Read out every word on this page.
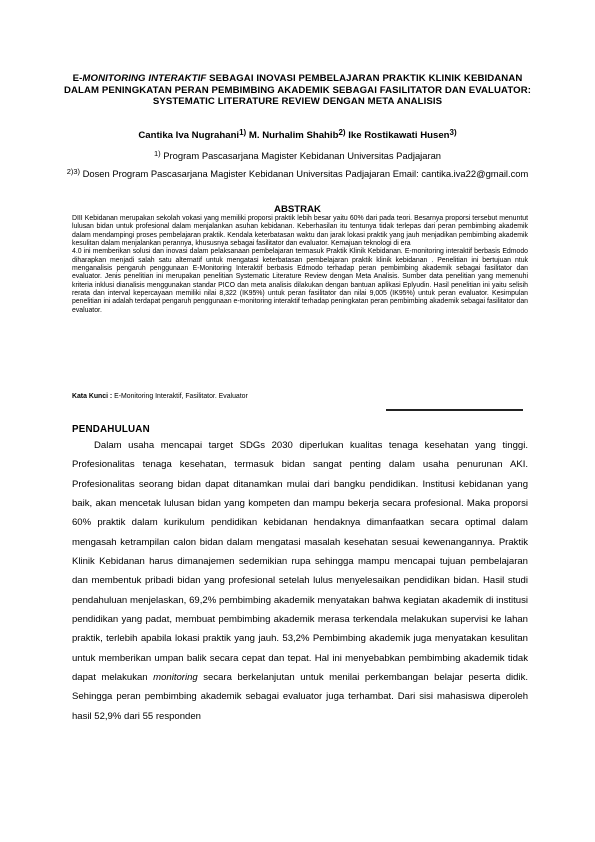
E-MONITORING INTERAKTIF SEBAGAI INOVASI PEMBELAJARAN PRAKTIK KLINIK KEBIDANAN DALAM PENINGKATAN PERAN PEMBIMBING AKADEMIK SEBAGAI FASILITATOR DAN EVALUATOR: SYSTEMATIC LITERATURE REVIEW DENGAN META ANALISIS
Cantika Iva Nugrahani$^{1)}$ M. Nurhalim Shahib$^{2)}$ Ike Rostikawati Husen$^{3)}$
$^{1)}$ Program Pascasarjana Magister Kebidanan Universitas Padjajaran
$^{2)3)}$ Dosen Program Pascasarjana Magister Kebidanan Universitas Padjajaran Email: cantika.iva22@gmail.com
ABSTRAK

DIII Kebidanan merupakan sekolah vokasi yang memiliki proporsi praktik lebih besar yaitu 60% dari pada teori. Besarnya proporsi tersebut menuntut lulusan bidan untuk profesional dalam menjalankan asuhan kebidanan. Keberhasilan itu tentunya tidak terlepas dari peran pembimbing akademik dalam mendampingi proses pembelajaran praktik. Kendala keterbatasan waktu dan jarak lokasi praktik yang jauh menjadikan pembimbing akademik kesulitan dalam menjalankan perannya, khususnya sebagai fasilitator dan evaluator. Kemajuan teknologi di era

4.0 ini memberikan solusi dan inovasi dalam pelaksanaan pembelajaran termasuk Praktik Klinik Kebidanan. E-monitoring interaktif berbasis Edmodo diharapkan menjadi salah satu alternatif untuk mengatasi keterbatasan pembelajaran praktik klinik kebidanan . Penelitian ini bertujuan ntuk menganalisis pengaruh penggunaan E-Monitoring Interaktif berbasis Edmodo terhadap peran pembimbing akademik sebagai fasilitator dan evaluator. Jenis penelitian ini merupakan penelitian Systematic Literature Review dengan Meta Analisis. Sumber data penelitian yang memenuhi kriteria inklusi dianalisis menggunakan standar PICO dan meta analisis dilakukan dengan bantuan aplikasi Eplyudin. Hasil penelitian ini yaitu selisih rerata dan interval kepercayaan memiliki nilai 8,322 (IK95%) untuk peran fasilitator dan nilai 9,005 (IK95%) untuk peran evaluator. Kesimpulan penelitian ini adalah terdapat pengaruh penggunaan e-monitoring interaktif terhadap peningkatan peran pembimbing akademik sebagai fasilitator dan evaluator.

Kata Kunci : E-Monitoring Interaktif, Fasilitator. Evaluator
PENDAHULUAN

Dalam usaha mencapai target SDGs 2030 diperlukan kualitas tenaga kesehatan yang tinggi. Profesionalitas tenaga kesehatan, termasuk bidan sangat penting dalam usaha penurunan AKI. Profesionalitas seorang bidan dapat ditanamkan mulai dari bangku pendidikan. Institusi kebidanan yang baik, akan mencetak lulusan bidan yang kompeten dan mampu bekerja secara profesional. Maka proporsi 60% praktik dalam kurikulum pendidikan kebidanan hendaknya dimanfaatkan secara optimal dalam mengasah ketrampilan calon bidan dalam mengatasi masalah kesehatan sesuai kewenangannya. Praktik Klinik Kebidanan harus dimanajemen sedemikian rupa sehingga mampu mencapai tujuan pembelajaran dan membentuk pribadi bidan yang profesional setelah lulus menyelesaikan pendidikan bidan. Hasil studi pendahuluan menjelaskan, 69,2% pembimbing akademik menyatakan bahwa kegiatan akademik di institusi pendidikan yang padat, membuat pembimbing akademik merasa terkendala melakukan supervisi ke lahan praktik, terlebih apabila lokasi praktik yang jauh. 53,2% Pembimbing akademik juga menyatakan kesulitan untuk memberikan umpan balik secara cepat dan tepat. Hal ini menyebabkan pembimbing akademik tidak dapat melakukan monitoring secara berkelanjutan untuk menilai perkembangan belajar peserta didik. Sehingga peran pembimbing akademik sebagai evaluator juga terhambat. Dari sisi mahasiswa diperoleh hasil 52,9% dari 55 responden
